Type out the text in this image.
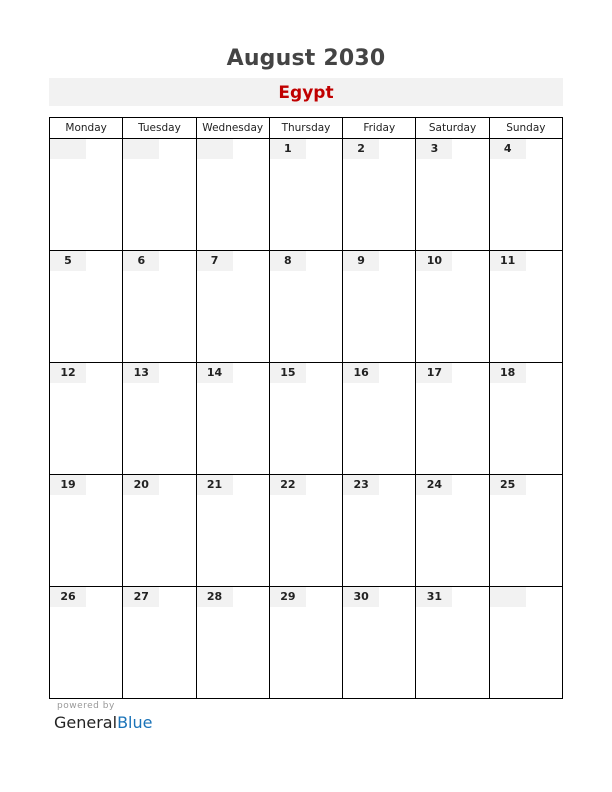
August 2030
Egypt
Monday	Tuesday	Wednesday	Thursday	Friday	Saturday	Sunday

			1	2	3	4

5	6	7	8	9	10	11

12	13	14	15	16	17	18

19	20	21	22	23	24	25

26	27	28	29	30	31	

powered by
GeneralBlue
